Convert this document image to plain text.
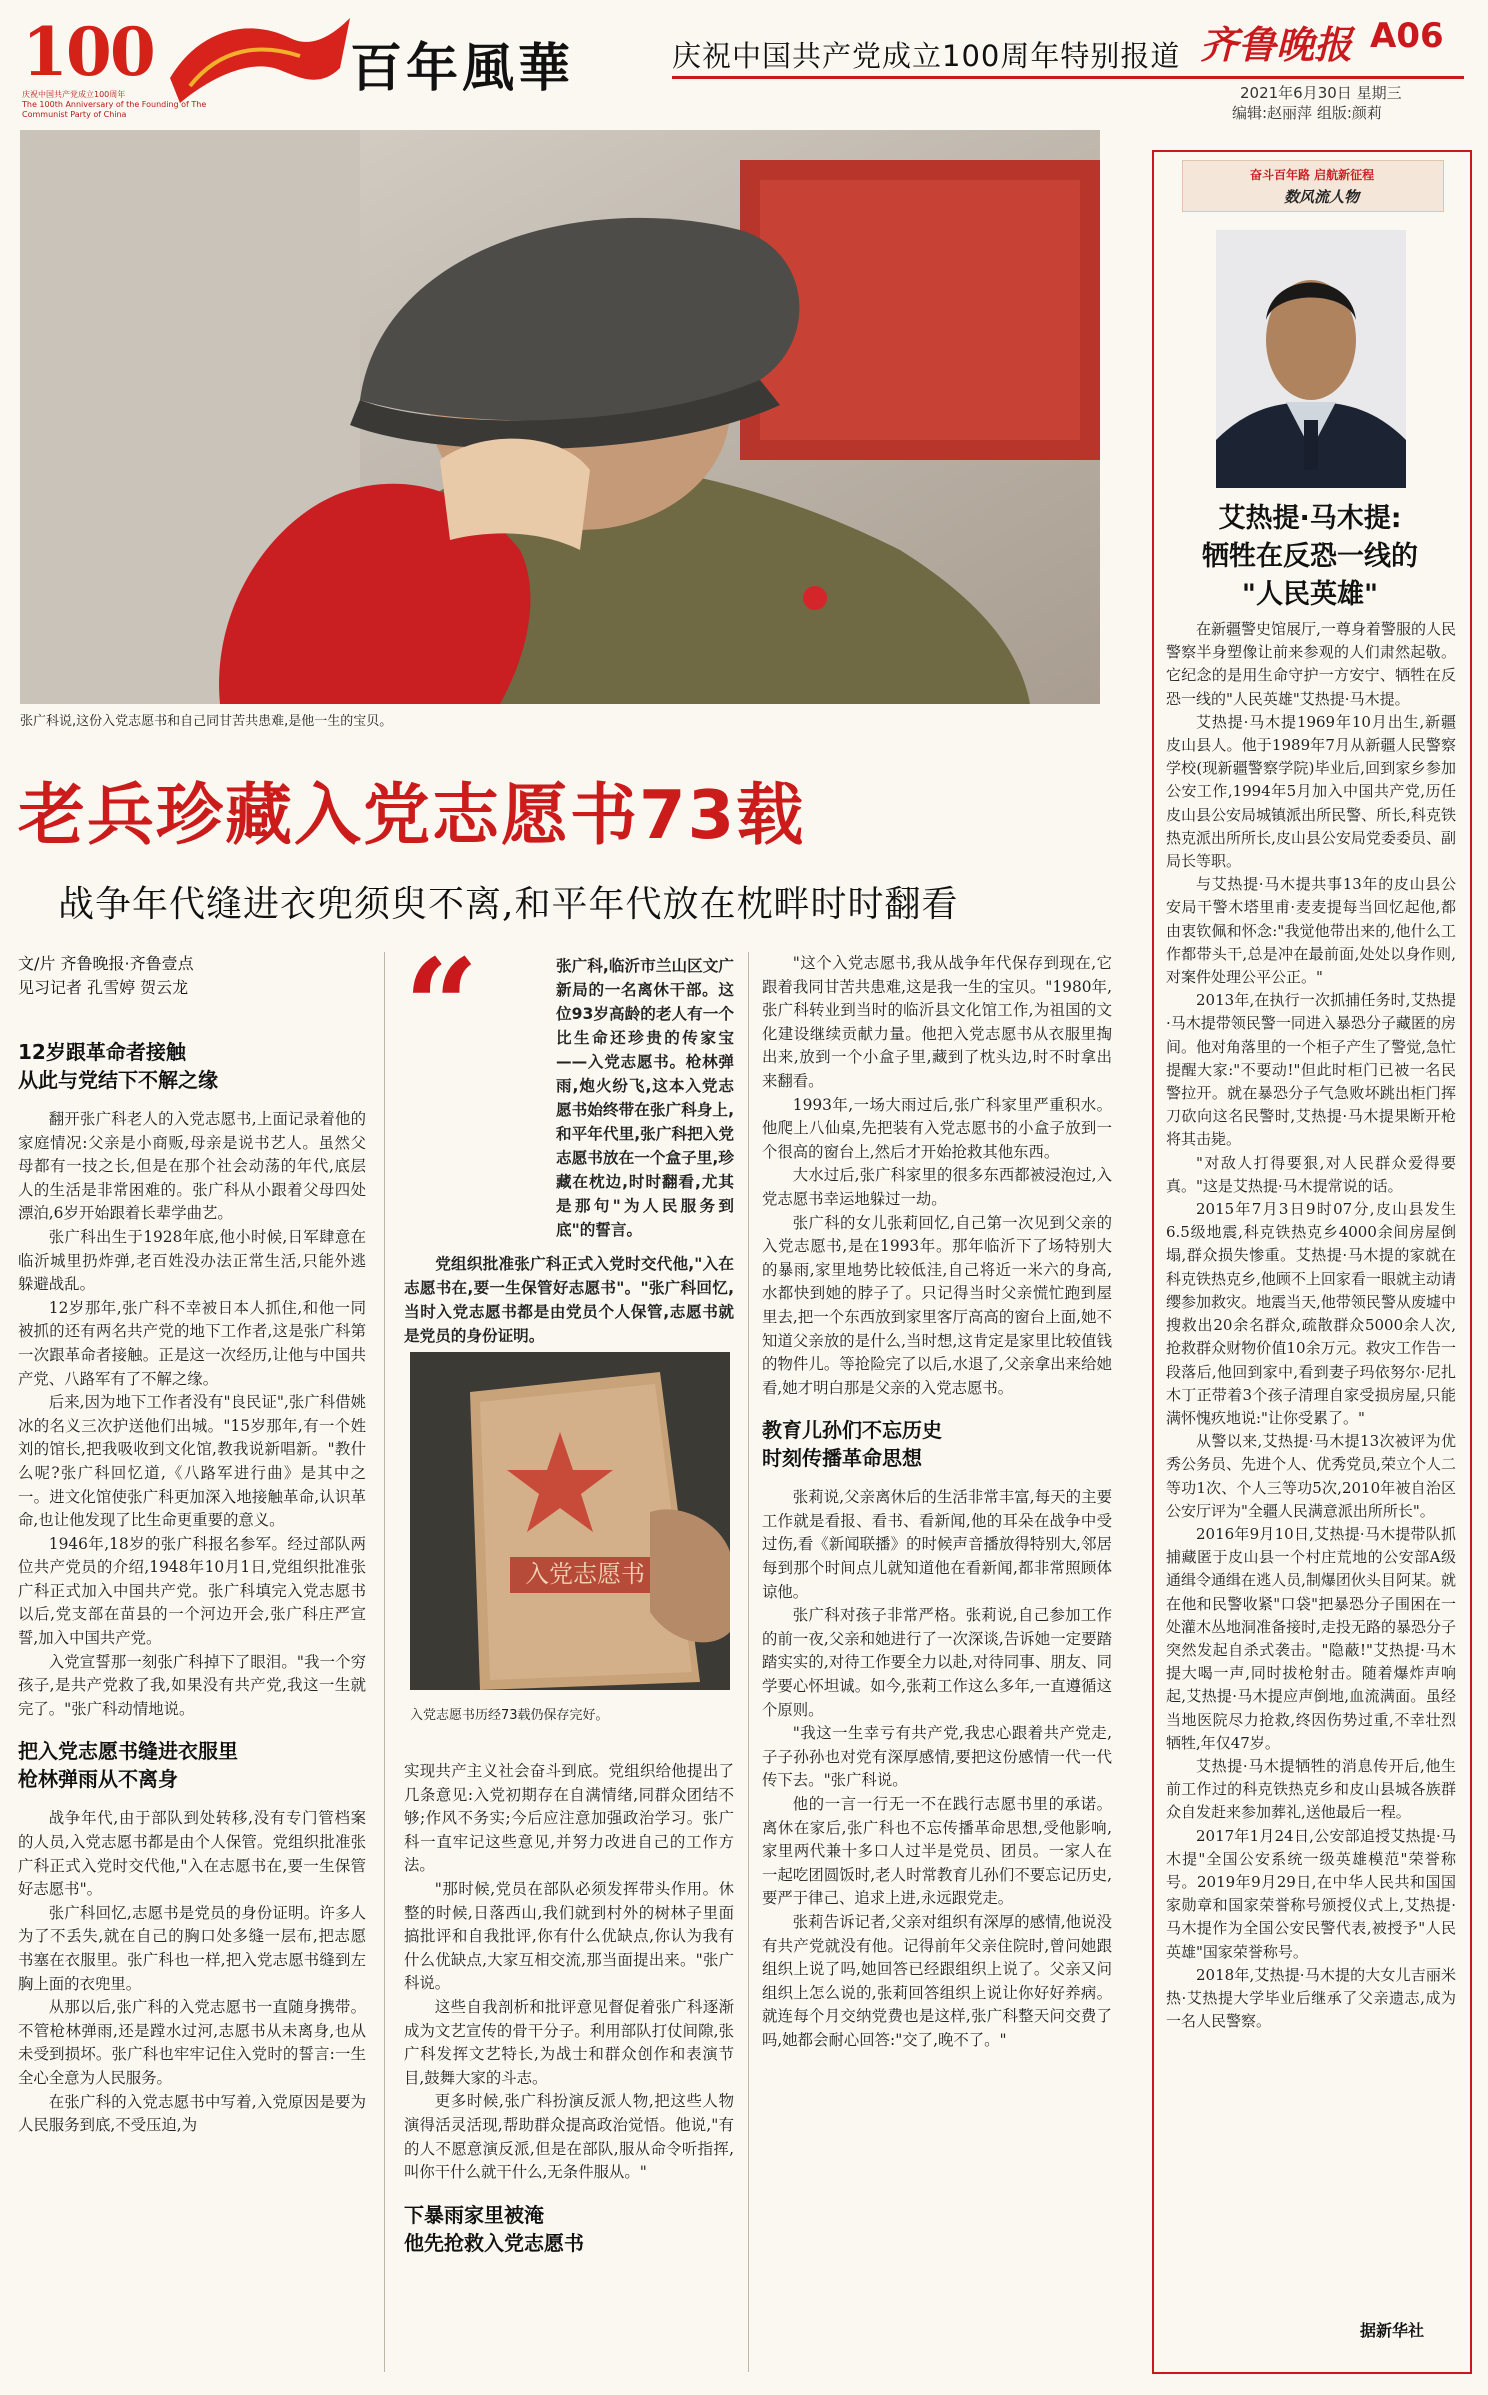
100
庆祝中国共产党成立100周年
The 100th Anniversary of the Founding of The Communist Party of China
百年風華	庆祝中国共产党成立100周年特别报道 齐鲁晚报 A06
2021年6月30日 星期三
编辑:赵丽萍 组版:颜莉
张广科说,这份入党志愿书和自己同甘苦共患难,是他一生的宝贝。
老兵珍藏入党志愿书73载
战争年代缝进衣兜须臾不离,和平年代放在枕畔时时翻看
文/片 齐鲁晚报·齐鲁壹点
见习记者 孔雪婷 贺云龙
12岁跟革命者接触
从此与党结下不解之缘

翻开张广科老人的入党志愿书,上面记录着他的家庭情况:父亲是小商贩,母亲是说书艺人。虽然父母都有一技之长,但是在那个社会动荡的年代,底层人的生活是非常困难的。张广科从小跟着父母四处漂泊,6岁开始跟着长辈学曲艺。

张广科出生于1928年底,他小时候,日军肆意在临沂城里扔炸弹,老百姓没办法正常生活,只能外逃躲避战乱。

12岁那年,张广科不幸被日本人抓住,和他一同被抓的还有两名共产党的地下工作者,这是张广科第一次跟革命者接触。正是这一次经历,让他与中国共产党、八路军有了不解之缘。

后来,因为地下工作者没有"良民证",张广科借姚冰的名义三次护送他们出城。"15岁那年,有一个姓刘的馆长,把我吸收到文化馆,教我说新唱新。"教什么呢?张广科回忆道,《八路军进行曲》是其中之一。进文化馆使张广科更加深入地接触革命,认识革命,也让他发现了比生命更重要的意义。

1946年,18岁的张广科报名参军。经过部队两位共产党员的介绍,1948年10月1日,党组织批准张广科正式加入中国共产党。张广科填完入党志愿书以后,党支部在苗县的一个河边开会,张广科庄严宣誓,加入中国共产党。

入党宣誓那一刻张广科掉下了眼泪。"我一个穷孩子,是共产党救了我,如果没有共产党,我这一生就完了。"张广科动情地说。

把入党志愿书缝进衣服里
枪林弹雨从不离身

战争年代,由于部队到处转移,没有专门管档案的人员,入党志愿书都是由个人保管。党组织批准张广科正式入党时交代他,"入在志愿书在,要一生保管好志愿书"。

张广科回忆,志愿书是党员的身份证明。许多人为了不丢失,就在自己的胸口处多缝一层布,把志愿书塞在衣服里。张广科也一样,把入党志愿书缝到左胸上面的衣兜里。

从那以后,张广科的入党志愿书一直随身携带。不管枪林弹雨,还是蹚水过河,志愿书从未离身,也从未受到损坏。张广科也牢牢记住入党时的誓言:一生全心全意为人民服务。

在张广科的入党志愿书中写着,入党原因是要为人民服务到底,不受压迫,为

“	张广科,临沂市兰山区文广新局的一名离休干部。这位93岁高龄的老人有一个比生命还珍贵的传家宝——入党志愿书。枪林弹雨,炮火纷飞,这本入党志愿书始终带在张广科身上,和平年代里,张广科把入党志愿书放在一个盒子里,珍藏在枕边,时时翻看,尤其是那句"为人民服务到底"的誓言。

党组织批准张广科正式入党时交代他,"入在志愿书在,要一生保管好志愿书"。"张广科回忆,当时入党志愿书都是由党员个人保管,志愿书就是党员的身份证明。

入党志愿书
入党志愿书历经73载仍保存完好。

实现共产主义社会奋斗到底。党组织给他提出了几条意见:入党初期存在自满情绪,同群众团结不够;作风不务实;今后应注意加强政治学习。张广科一直牢记这些意见,并努力改进自己的工作方法。

"那时候,党员在部队必须发挥带头作用。休整的时候,日落西山,我们就到村外的树林子里面搞批评和自我批评,你有什么优缺点,你认为我有什么优缺点,大家互相交流,那当面提出来。"张广科说。

这些自我剖析和批评意见督促着张广科逐渐成为文艺宣传的骨干分子。利用部队打仗间隙,张广科发挥文艺特长,为战士和群众创作和表演节目,鼓舞大家的斗志。

更多时候,张广科扮演反派人物,把这些人物演得活灵活现,帮助群众提高政治觉悟。他说,"有的人不愿意演反派,但是在部队,服从命令听指挥,叫你干什么就干什么,无条件服从。"

下暴雨家里被淹
他先抢救入党志愿书

"这个入党志愿书,我从战争年代保存到现在,它跟着我同甘苦共患难,这是我一生的宝贝。"1980年,张广科转业到当时的临沂县文化馆工作,为祖国的文化建设继续贡献力量。他把入党志愿书从衣服里掏出来,放到一个小盒子里,藏到了枕头边,时不时拿出来翻看。

1993年,一场大雨过后,张广科家里严重积水。他爬上八仙桌,先把装有入党志愿书的小盒子放到一个很高的窗台上,然后才开始抢救其他东西。

大水过后,张广科家里的很多东西都被浸泡过,入党志愿书幸运地躲过一劫。

张广科的女儿张莉回忆,自己第一次见到父亲的入党志愿书,是在1993年。那年临沂下了场特别大的暴雨,家里地势比较低洼,自己将近一米六的身高,水都快到她的脖子了。只记得当时父亲慌忙跑到屋里去,把一个东西放到家里客厅高高的窗台上面,她不知道父亲放的是什么,当时想,这肯定是家里比较值钱的物件儿。等抢险完了以后,水退了,父亲拿出来给她看,她才明白那是父亲的入党志愿书。

教育儿孙们不忘历史
时刻传播革命思想

张莉说,父亲离休后的生活非常丰富,每天的主要工作就是看报、看书、看新闻,他的耳朵在战争中受过伤,看《新闻联播》的时候声音播放得特别大,邻居每到那个时间点儿就知道他在看新闻,都非常照顾体谅他。

张广科对孩子非常严格。张莉说,自己参加工作的前一夜,父亲和她进行了一次深谈,告诉她一定要踏踏实实的,对待工作要全力以赴,对待同事、朋友、同学要心怀坦诚。如今,张莉工作这么多年,一直遵循这个原则。

"我这一生幸亏有共产党,我忠心跟着共产党走,子子孙孙也对党有深厚感情,要把这份感情一代一代传下去。"张广科说。

他的一言一行无一不在践行志愿书里的承诺。离休在家后,张广科也不忘传播革命思想,受他影响,家里两代兼十多口人过半是党员、团员。一家人在一起吃团圆饭时,老人时常教育儿孙们不要忘记历史,要严于律己、追求上进,永远跟党走。

张莉告诉记者,父亲对组织有深厚的感情,他说没有共产党就没有他。记得前年父亲住院时,曾问她跟组织上说了吗,她回答已经跟组织上说了。父亲又问组织上怎么说的,张莉回答组织上说让你好好养病。就连每个月交纳党费也是这样,张广科整天问交费了吗,她都会耐心回答:"交了,晚不了。"

奋斗百年路 启航新征程
数风流人物
艾热提·马木提:
牺牲在反恐一线的
"人民英雄"

在新疆警史馆展厅,一尊身着警服的人民警察半身塑像让前来参观的人们肃然起敬。它纪念的是用生命守护一方安宁、牺牲在反恐一线的"人民英雄"艾热提·马木提。

艾热提·马木提1969年10月出生,新疆皮山县人。他于1989年7月从新疆人民警察学校(现新疆警察学院)毕业后,回到家乡参加公安工作,1994年5月加入中国共产党,历任皮山县公安局城镇派出所民警、所长,科克铁热克派出所所长,皮山县公安局党委委员、副局长等职。

与艾热提·马木提共事13年的皮山县公安局干警木塔里甫·麦麦提每当回忆起他,都由衷钦佩和怀念:"我觉他带出来的,他什么工作都带头干,总是冲在最前面,处处以身作则,对案件处理公平公正。"

2013年,在执行一次抓捕任务时,艾热提·马木提带领民警一同进入暴恐分子藏匿的房间。他对角落里的一个柜子产生了警觉,急忙提醒大家:"不要动!"但此时柜门已被一名民警拉开。就在暴恐分子气急败坏跳出柜门挥刀砍向这名民警时,艾热提·马木提果断开枪将其击毙。

"对敌人打得要狠,对人民群众爱得要真。"这是艾热提·马木提常说的话。

2015年7月3日9时07分,皮山县发生6.5级地震,科克铁热克乡4000余间房屋倒塌,群众损失惨重。艾热提·马木提的家就在科克铁热克乡,他顾不上回家看一眼就主动请缨参加救灾。地震当天,他带领民警从废墟中搜救出20余名群众,疏散群众5000余人次,抢救群众财物价值10余万元。救灾工作告一段落后,他回到家中,看到妻子玛依努尔·尼扎木丁正带着3个孩子清理自家受损房屋,只能满怀愧疚地说:"让你受累了。"

从警以来,艾热提·马木提13次被评为优秀公务员、先进个人、优秀党员,荣立个人二等功1次、个人三等功5次,2010年被自治区公安厅评为"全疆人民满意派出所所长"。

2016年9月10日,艾热提·马木提带队抓捕藏匿于皮山县一个村庄荒地的公安部A级通缉令通缉在逃人员,制爆团伙头目阿某。就在他和民警收紧"口袋"把暴恐分子围困在一处灌木丛地洞准备接时,走投无路的暴恐分子突然发起自杀式袭击。"隐蔽!"艾热提·马木提大喝一声,同时拔枪射击。随着爆炸声响起,艾热提·马木提应声倒地,血流满面。虽经当地医院尽力抢救,终因伤势过重,不幸壮烈牺牲,年仅47岁。

艾热提·马木提牺牲的消息传开后,他生前工作过的科克铁热克乡和皮山县城各族群众自发赶来参加葬礼,送他最后一程。

2017年1月24日,公安部追授艾热提·马木提"全国公安系统一级英雄模范"荣誉称号。2019年9月29日,在中华人民共和国国家勋章和国家荣誉称号颁授仪式上,艾热提·马木提作为全国公安民警代表,被授予"人民英雄"国家荣誉称号。

2018年,艾热提·马木提的大女儿吉丽米热·艾热提大学毕业后继承了父亲遗志,成为一名人民警察。

据新华社
